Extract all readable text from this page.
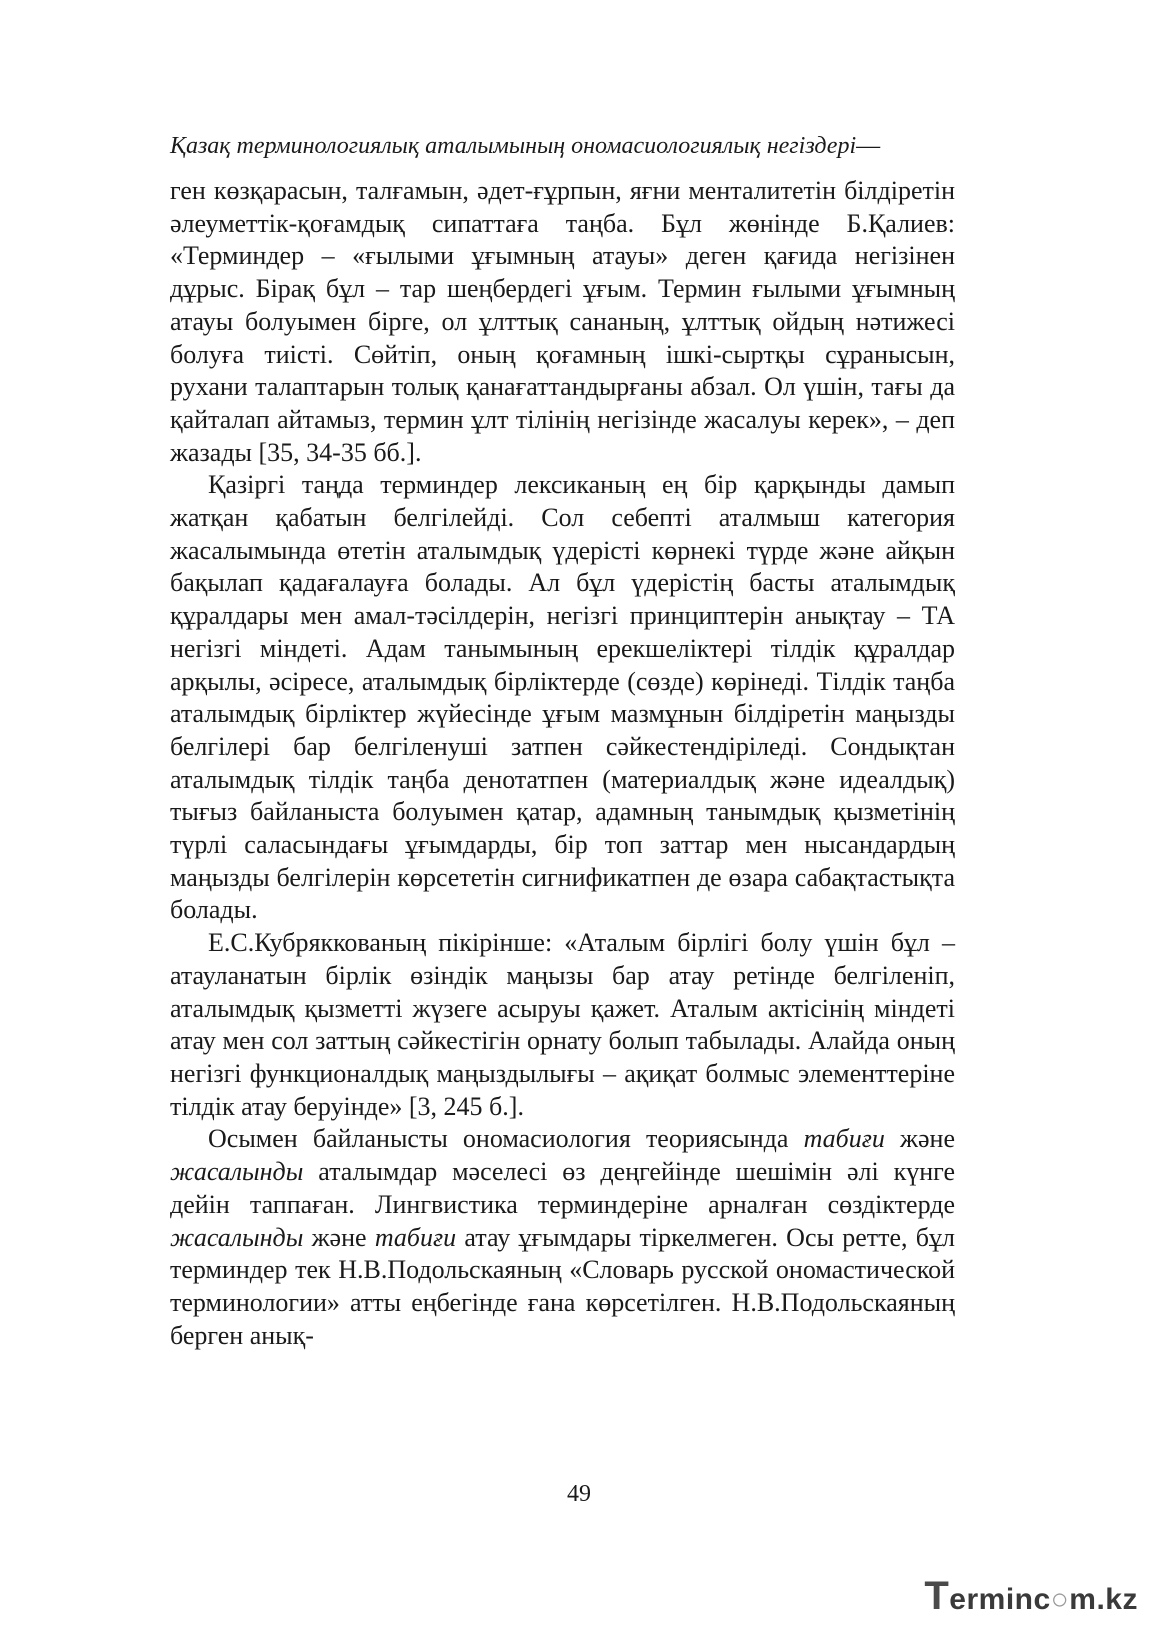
Қазақ терминологиялық аталымының ономасиологиялық негіздері—

ген көзқарасын, талғамын, әдет-ғұрпын, яғни менталитетін білдіретін әлеуметтік-қоғамдық сипаттаға таңба. Бұл жөнінде Б.Қалиев: «Терминдер – «ғылыми ұғымның атауы» деген қағида негізінен дұрыс. Бірақ бұл – тар шеңбердегі ұғым. Термин ғылыми ұғымның атауы болуымен бірге, ол ұлттық сананың, ұлттық ойдың нәтижесі болуға тиісті. Сөйтіп, оның қоғамның ішкі-сыртқы сұранысын, рухани талаптарын толық қанағаттандырғаны абзал. Ол үшін, тағы да қайталап айтамыз, термин ұлт тілінің негізінде жасалуы керек», – деп жазады [35, 34-35 бб.].

Қазіргі таңда терминдер лексиканың ең бір қарқынды дамып жатқан қабатын белгілейді. Сол себепті аталмыш категория жасалымында өтетін аталымдық үдерісті көрнекі түрде және айқын бақылап қадағалауға болады. Ал бұл үдерістің басты аталымдық құралдары мен амал-тәсілдерін, негізгі принциптерін анықтау – ТА негізгі міндеті. Адам танымының ерекшеліктері тілдік құралдар арқылы, әсіресе, аталымдық бірліктерде (сөзде) көрінеді. Тілдік таңба аталымдық бірліктер жүйесінде ұғым мазмұнын білдіретін маңызды белгілері бар белгіленуші затпен сәйкестендіріледі. Сондықтан аталымдық тілдік таңба денотатпен (материалдық және идеалдық) тығыз байланыста болуымен қатар, адамның танымдық қызметінің түрлі саласындағы ұғымдарды, бір топ заттар мен нысандардың маңызды белгілерін көрсететін сигнификатпен де өзара сабақтастықта болады.

Е.С.Кубряккованың пікірінше: «Аталым бірлігі болу үшін бұл – атауланатын бірлік өзіндік маңызы бар атау ретінде белгіленіп, аталымдық қызметті жүзеге асыруы қажет. Аталым актісінің міндеті атау мен сол заттың сәйкестігін орнату болып табылады. Алайда оның негізгі функционалдық маңыздылығы – ақиқат болмыс элементтеріне тілдік атау беруінде» [3, 245 б.].

Осымен байланысты ономасиология теориясында табиғи және жасалынды аталымдар мәселесі өз деңгейінде шешімін әлі күнге дейін таппаған. Лингвистика терминдеріне арналған сөздіктерде жасалынды және табиғи атау ұғымдары тіркелмеген. Осы ретте, бұл терминдер тек Н.В.Подольскаяның «Словарь русской ономастической терминологии» атты еңбегінде ғана көрсетілген. Н.В.Подольскаяның берген анық-

49
Terminc○m.kz
